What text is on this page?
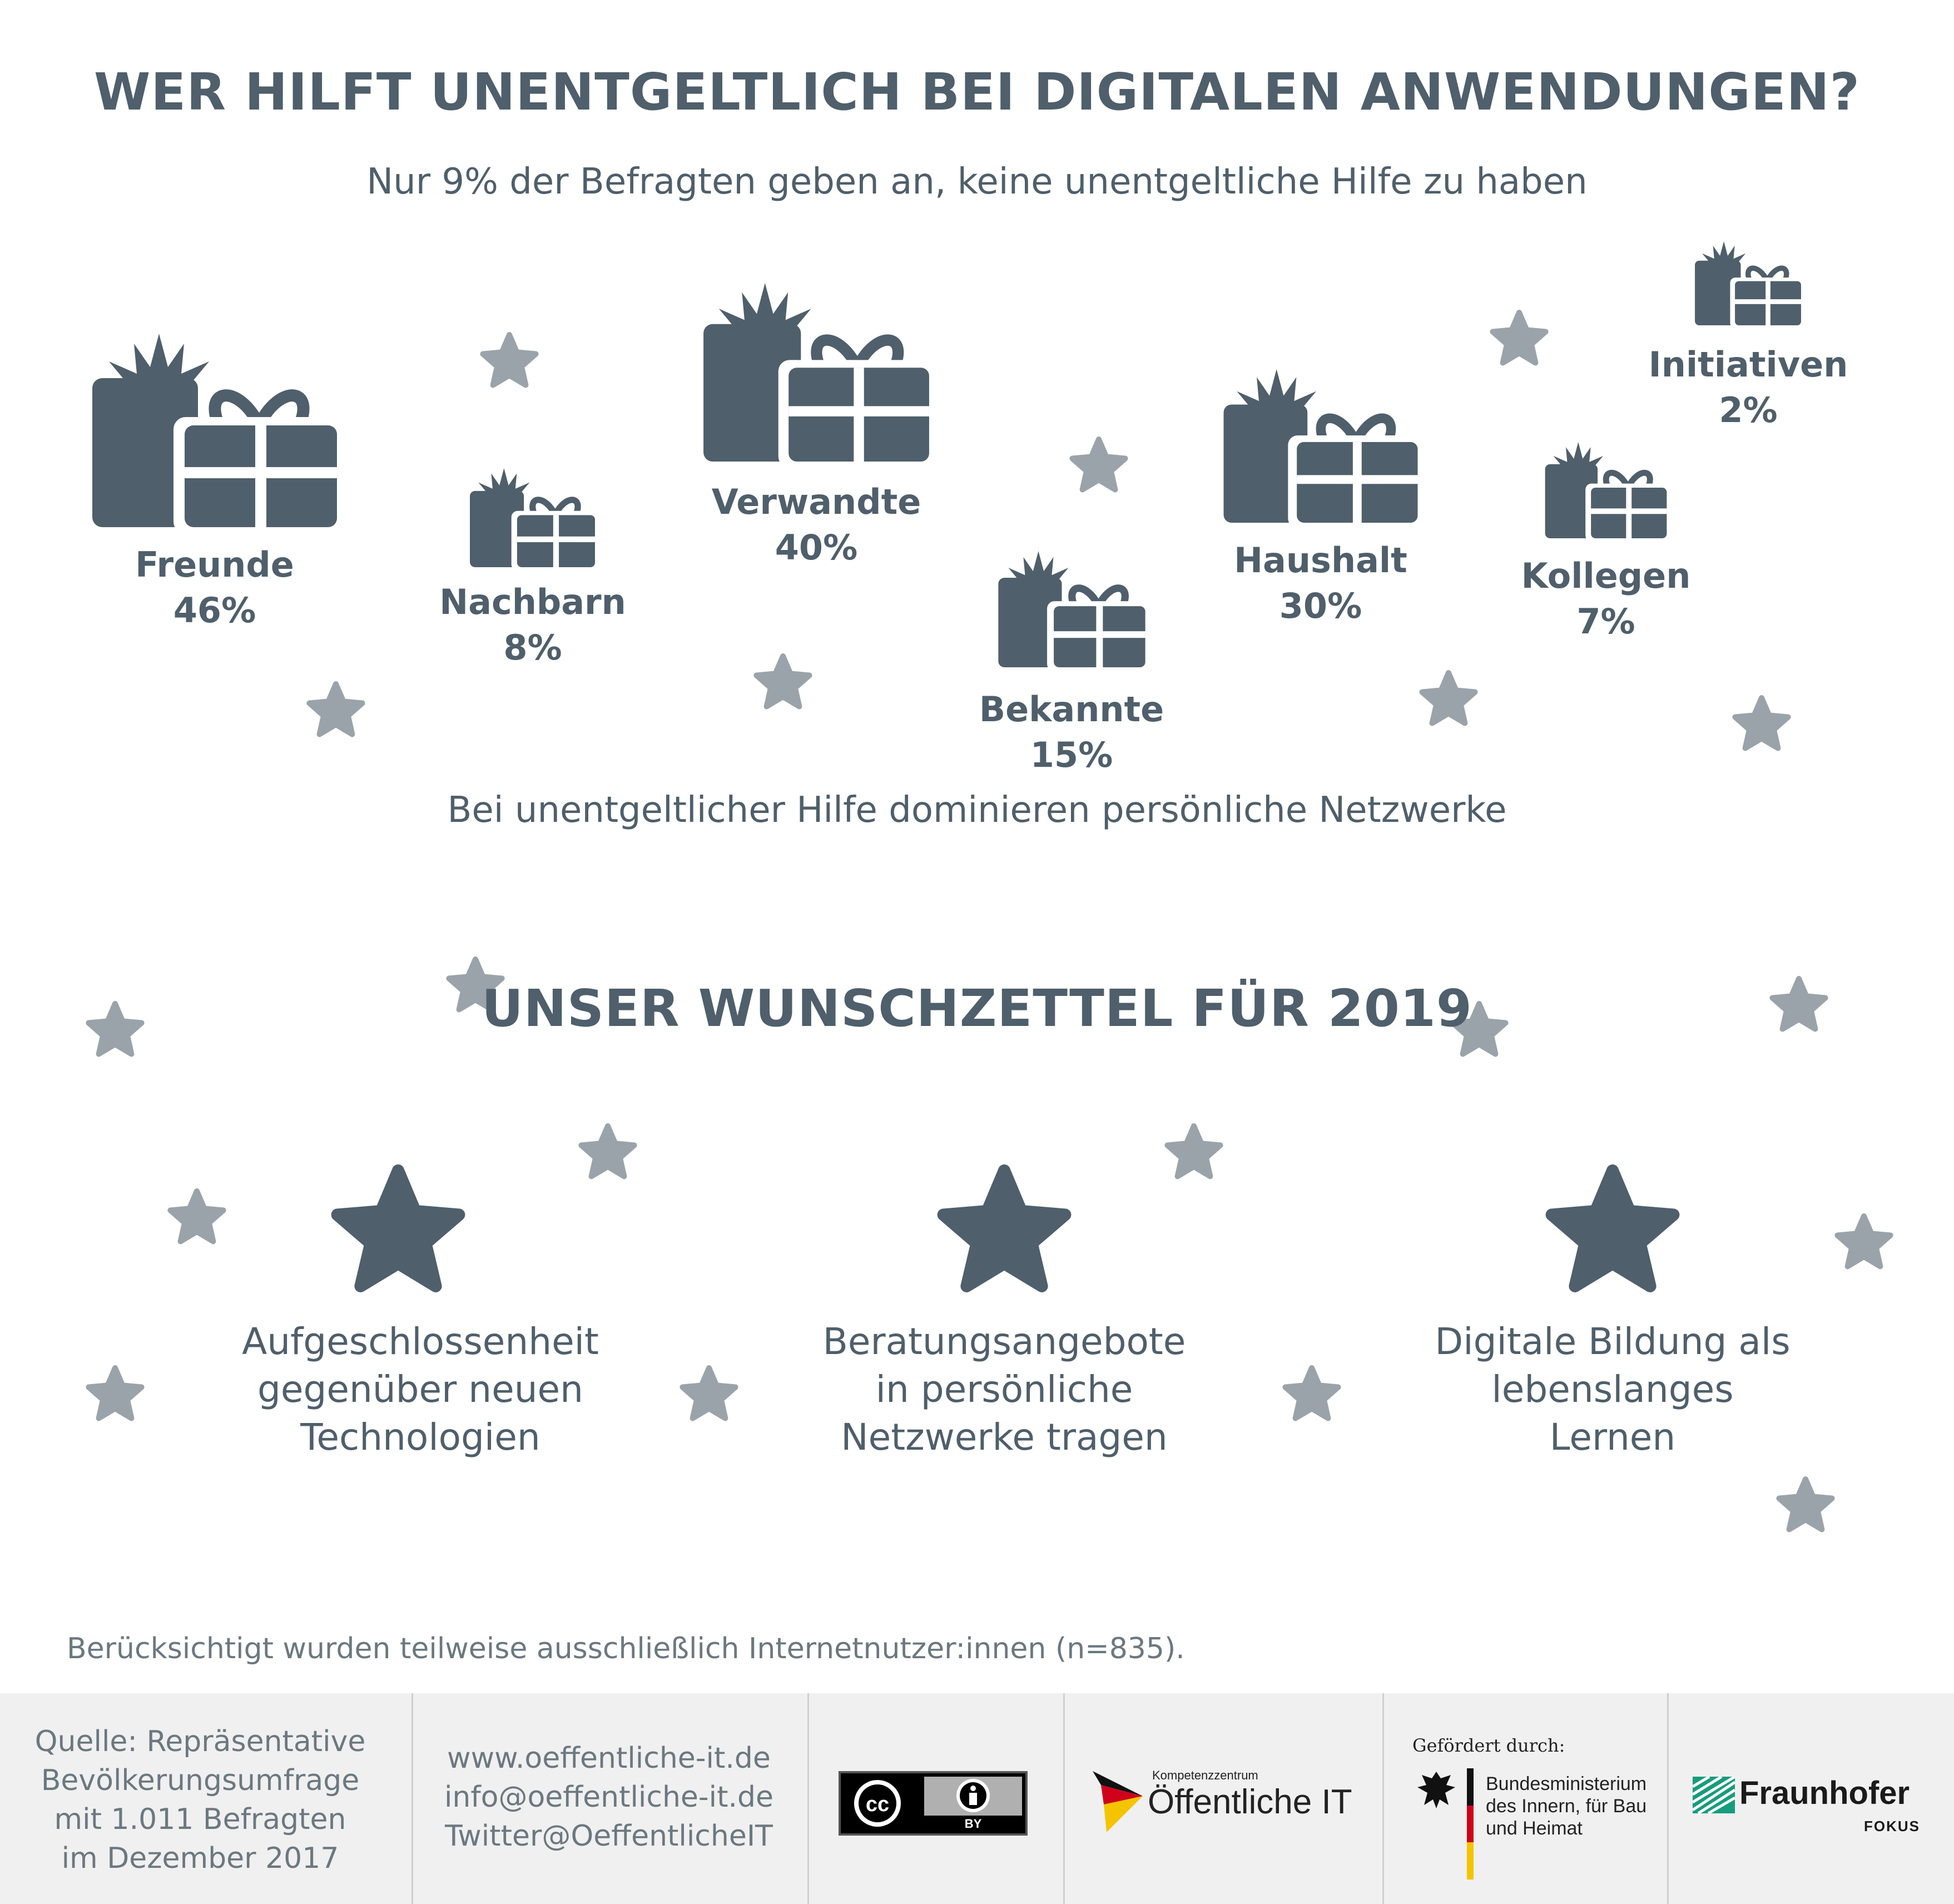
WER HILFT UNENTGELTLICH BEI DIGITALEN ANWENDUNGEN?
Nur 9% der Befragten geben an, keine unentgeltliche Hilfe zu haben
Freunde
46%	Nachbarn
8%
Verwandte
40%
Bekannte
15%
Haushalt
30%
Kollegen
7%
Initiativen
2%
Bei unentgeltlicher Hilfe dominieren persönliche Netzwerke
UNSER WUNSCHZETTEL FÜR 2019
Aufgeschlossenheit
gegenüber neuen
Technologien
Beratungsangebote
in persönliche
Netzwerke tragen
Digitale Bildung als
lebenslanges
Lernen
Berücksichtigt wurden teilweise ausschließlich Internetnutzer:innen (n=835).
Quelle: Repräsentative
Bevölkerungsumfrage
mit 1.011 Befragten
im Dezember 2017
www.oeffentliche-it.de
info@oeffentliche-it.de
Twitter@OeffentlicheIT
cc
BY
Kompetenzzentrum
Öffentliche IT
Gefördert durch:
Bundesministerium
des Innern, für Bau
und Heimat
Fraunhofer
FOKUS
